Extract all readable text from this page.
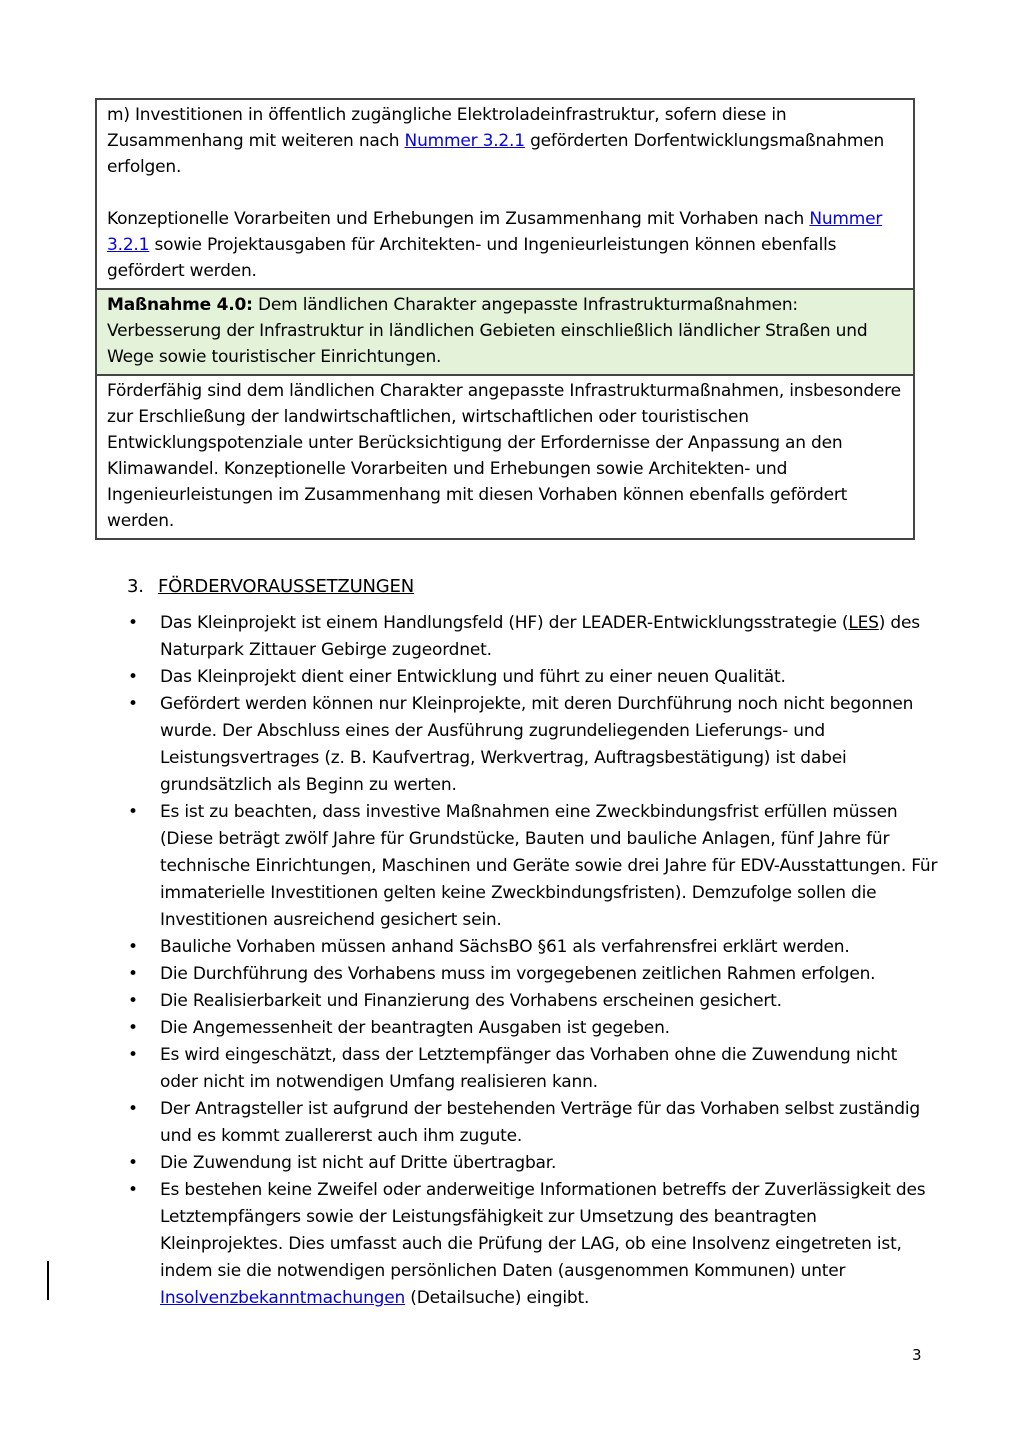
m) Investitionen in öffentlich zugängliche Elektroladeinfrastruktur, sofern diese in Zusammenhang mit weiteren nach Nummer 3.2.1 geförderten Dorfentwicklungsmaßnahmen erfolgen.

Konzeptionelle Vorarbeiten und Erhebungen im Zusammenhang mit Vorhaben nach Nummer 3.2.1 sowie Projektausgaben für Architekten- und Ingenieurleistungen können ebenfalls gefördert werden.

Maßnahme 4.0: Dem ländlichen Charakter angepasste Infrastrukturmaßnahmen: Verbesserung der Infrastruktur in ländlichen Gebieten einschließlich ländlicher Straßen und Wege sowie touristischer Einrichtungen.

Förderfähig sind dem ländlichen Charakter angepasste Infrastrukturmaßnahmen, insbesondere zur Erschließung der landwirtschaftlichen, wirtschaftlichen oder touristischen Entwicklungspotenziale unter Berücksichtigung der Erfordernisse der Anpassung an den Klimawandel. Konzeptionelle Vorarbeiten und Erhebungen sowie Architekten- und Ingenieurleistungen im Zusammenhang mit diesen Vorhaben können ebenfalls gefördert werden.

3. FÖRDERVORAUSSETZUNGEN
• Das Kleinprojekt ist einem Handlungsfeld (HF) der LEADER-Entwicklungsstrategie (LES) des Naturpark Zittauer Gebirge zugeordnet.
• Das Kleinprojekt dient einer Entwicklung und führt zu einer neuen Qualität.
• Gefördert werden können nur Kleinprojekte, mit deren Durchführung noch nicht begonnen wurde. Der Abschluss eines der Ausführung zugrundeliegenden Lieferungs- und Leistungsvertrages (z. B. Kaufvertrag, Werkvertrag, Auftragsbestätigung) ist dabei grundsätzlich als Beginn zu werten.
• Es ist zu beachten, dass investive Maßnahmen eine Zweckbindungsfrist erfüllen müssen (Diese beträgt zwölf Jahre für Grundstücke, Bauten und bauliche Anlagen, fünf Jahre für technische Einrichtungen, Maschinen und Geräte sowie drei Jahre für EDV-Ausstattungen. Für immaterielle Investitionen gelten keine Zweckbindungsfristen). Demzufolge sollen die Investitionen ausreichend gesichert sein.
• Bauliche Vorhaben müssen anhand SächsBO §61 als verfahrensfrei erklärt werden.
• Die Durchführung des Vorhabens muss im vorgegebenen zeitlichen Rahmen erfolgen.
• Die Realisierbarkeit und Finanzierung des Vorhabens erscheinen gesichert.
• Die Angemessenheit der beantragten Ausgaben ist gegeben.
• Es wird eingeschätzt, dass der Letztempfänger das Vorhaben ohne die Zuwendung nicht oder nicht im notwendigen Umfang realisieren kann.
• Der Antragsteller ist aufgrund der bestehenden Verträge für das Vorhaben selbst zuständig und es kommt zuallererst auch ihm zugute.
• Die Zuwendung ist nicht auf Dritte übertragbar.
• Es bestehen keine Zweifel oder anderweitige Informationen betreffs der Zuverlässigkeit des Letztempfängers sowie der Leistungsfähigkeit zur Umsetzung des beantragten Kleinprojektes. Dies umfasst auch die Prüfung der LAG, ob eine Insolvenz eingetreten ist, indem sie die notwendigen persönlichen Daten (ausgenommen Kommunen) unter Insolvenzbekanntmachungen (Detailsuche) eingibt.
3
